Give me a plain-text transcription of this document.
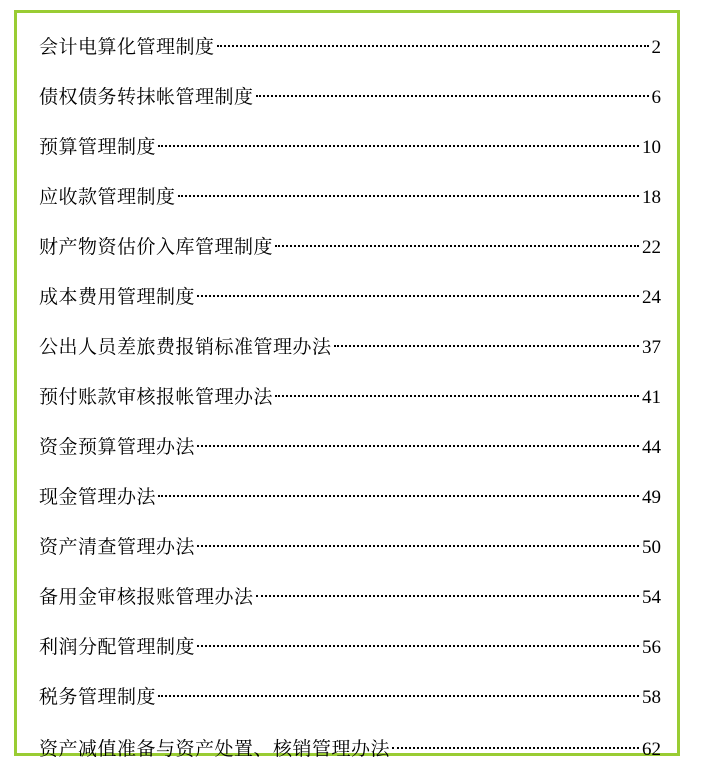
会计电算化管理制度	2
债权债务转抹帐管理制度	6
预算管理制度	10
应收款管理制度	18
财产物资估价入库管理制度	22
成本费用管理制度	24
公出人员差旅费报销标准管理办法	37
预付账款审核报帐管理办法	41
资金预算管理办法	44
现金管理办法	49
资产清查管理办法	50
备用金审核报账管理办法	54
利润分配管理制度	56
税务管理制度	58
资产减值准备与资产处置、核销管理办法	62
